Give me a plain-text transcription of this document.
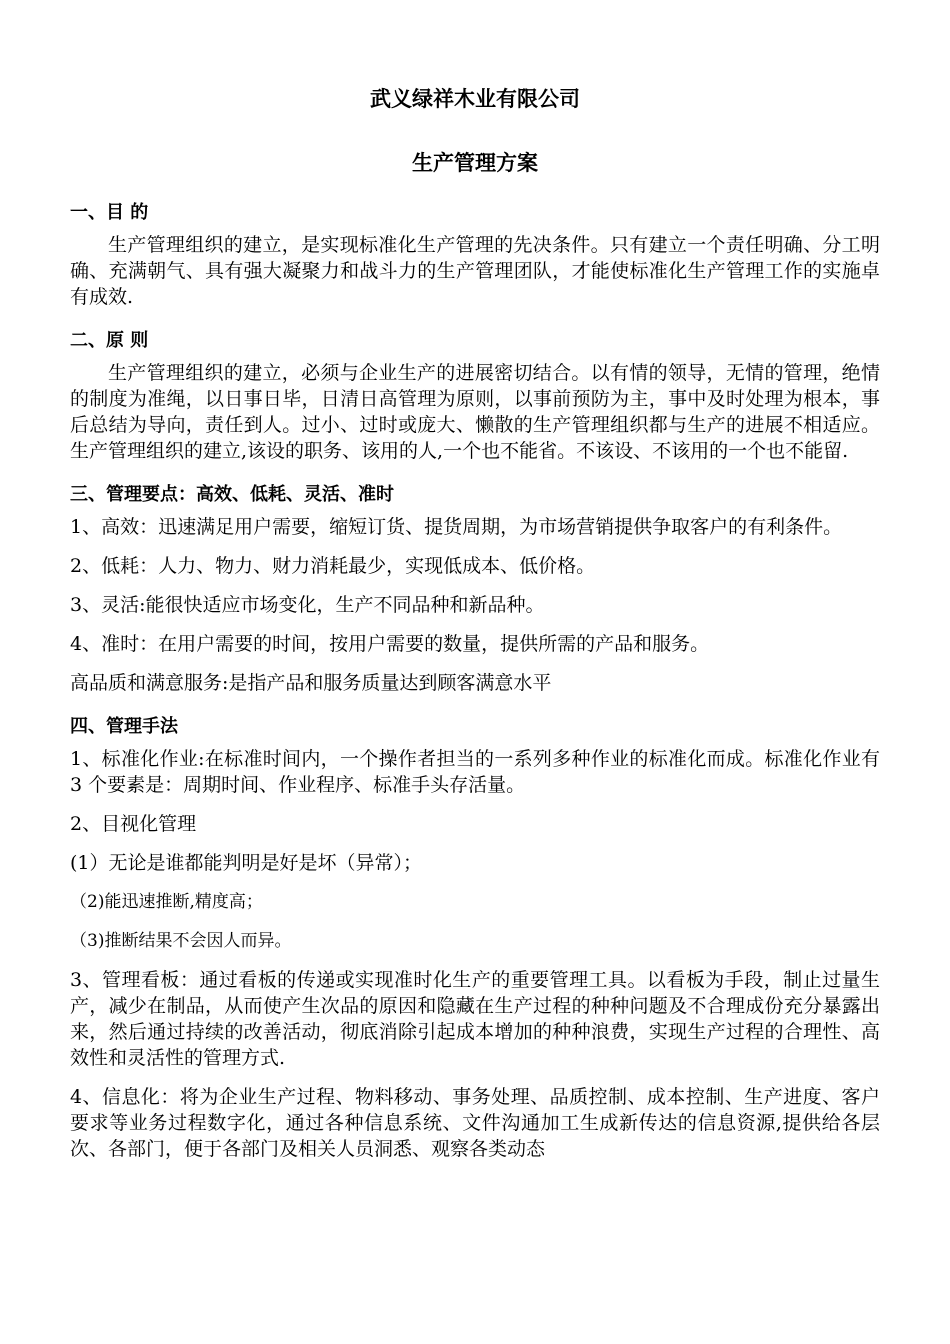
武义绿祥木业有限公司
生产管理方案
一、目 的

生产管理组织的建立，是实现标准化生产管理的先决条件。只有建立一个责任明确、分工明确、充满朝气、具有强大凝聚力和战斗力的生产管理团队，才能使标准化生产管理工作的实施卓有成效.

二、原 则

生产管理组织的建立，必须与企业生产的进展密切结合。以有情的领导，无情的管理，绝情的制度为准绳，以日事日毕，日清日高管理为原则，以事前预防为主，事中及时处理为根本，事后总结为导向，责任到人。过小、过时或庞大、懒散的生产管理组织都与生产的进展不相适应。生产管理组织的建立,该设的职务、该用的人,一个也不能省。不该设、不该用的一个也不能留.

三、管理要点：高效、低耗、灵活、准时

1、高效：迅速满足用户需要，缩短订货、提货周期，为市场营销提供争取客户的有利条件。

2、低耗：人力、物力、财力消耗最少，实现低成本、低价格。

3、灵活:能很快适应市场变化，生产不同品种和新品种。

4、准时：在用户需要的时间，按用户需要的数量，提供所需的产品和服务。

高品质和满意服务:是指产品和服务质量达到顾客满意水平

四、管理手法

1、标准化作业:在标准时间内，一个操作者担当的一系列多种作业的标准化而成。标准化作业有 3 个要素是：周期时间、作业程序、标准手头存活量。

2、目视化管理

(1）无论是谁都能判明是好是坏（异常）；

（2)能迅速推断,精度高；

（3)推断结果不会因人而异。

3、管理看板：通过看板的传递或实现准时化生产的重要管理工具。以看板为手段，制止过量生产，减少在制品，从而使产生次品的原因和隐藏在生产过程的种种问题及不合理成份充分暴露出来，然后通过持续的改善活动，彻底消除引起成本增加的种种浪费，实现生产过程的合理性、高效性和灵活性的管理方式.

4、信息化：将为企业生产过程、物料移动、事务处理、品质控制、成本控制、生产进度、客户要求等业务过程数字化，通过各种信息系统、文件沟通加工生成新传达的信息资源,提供给各层次、各部门，便于各部门及相关人员洞悉、观察各类动态
